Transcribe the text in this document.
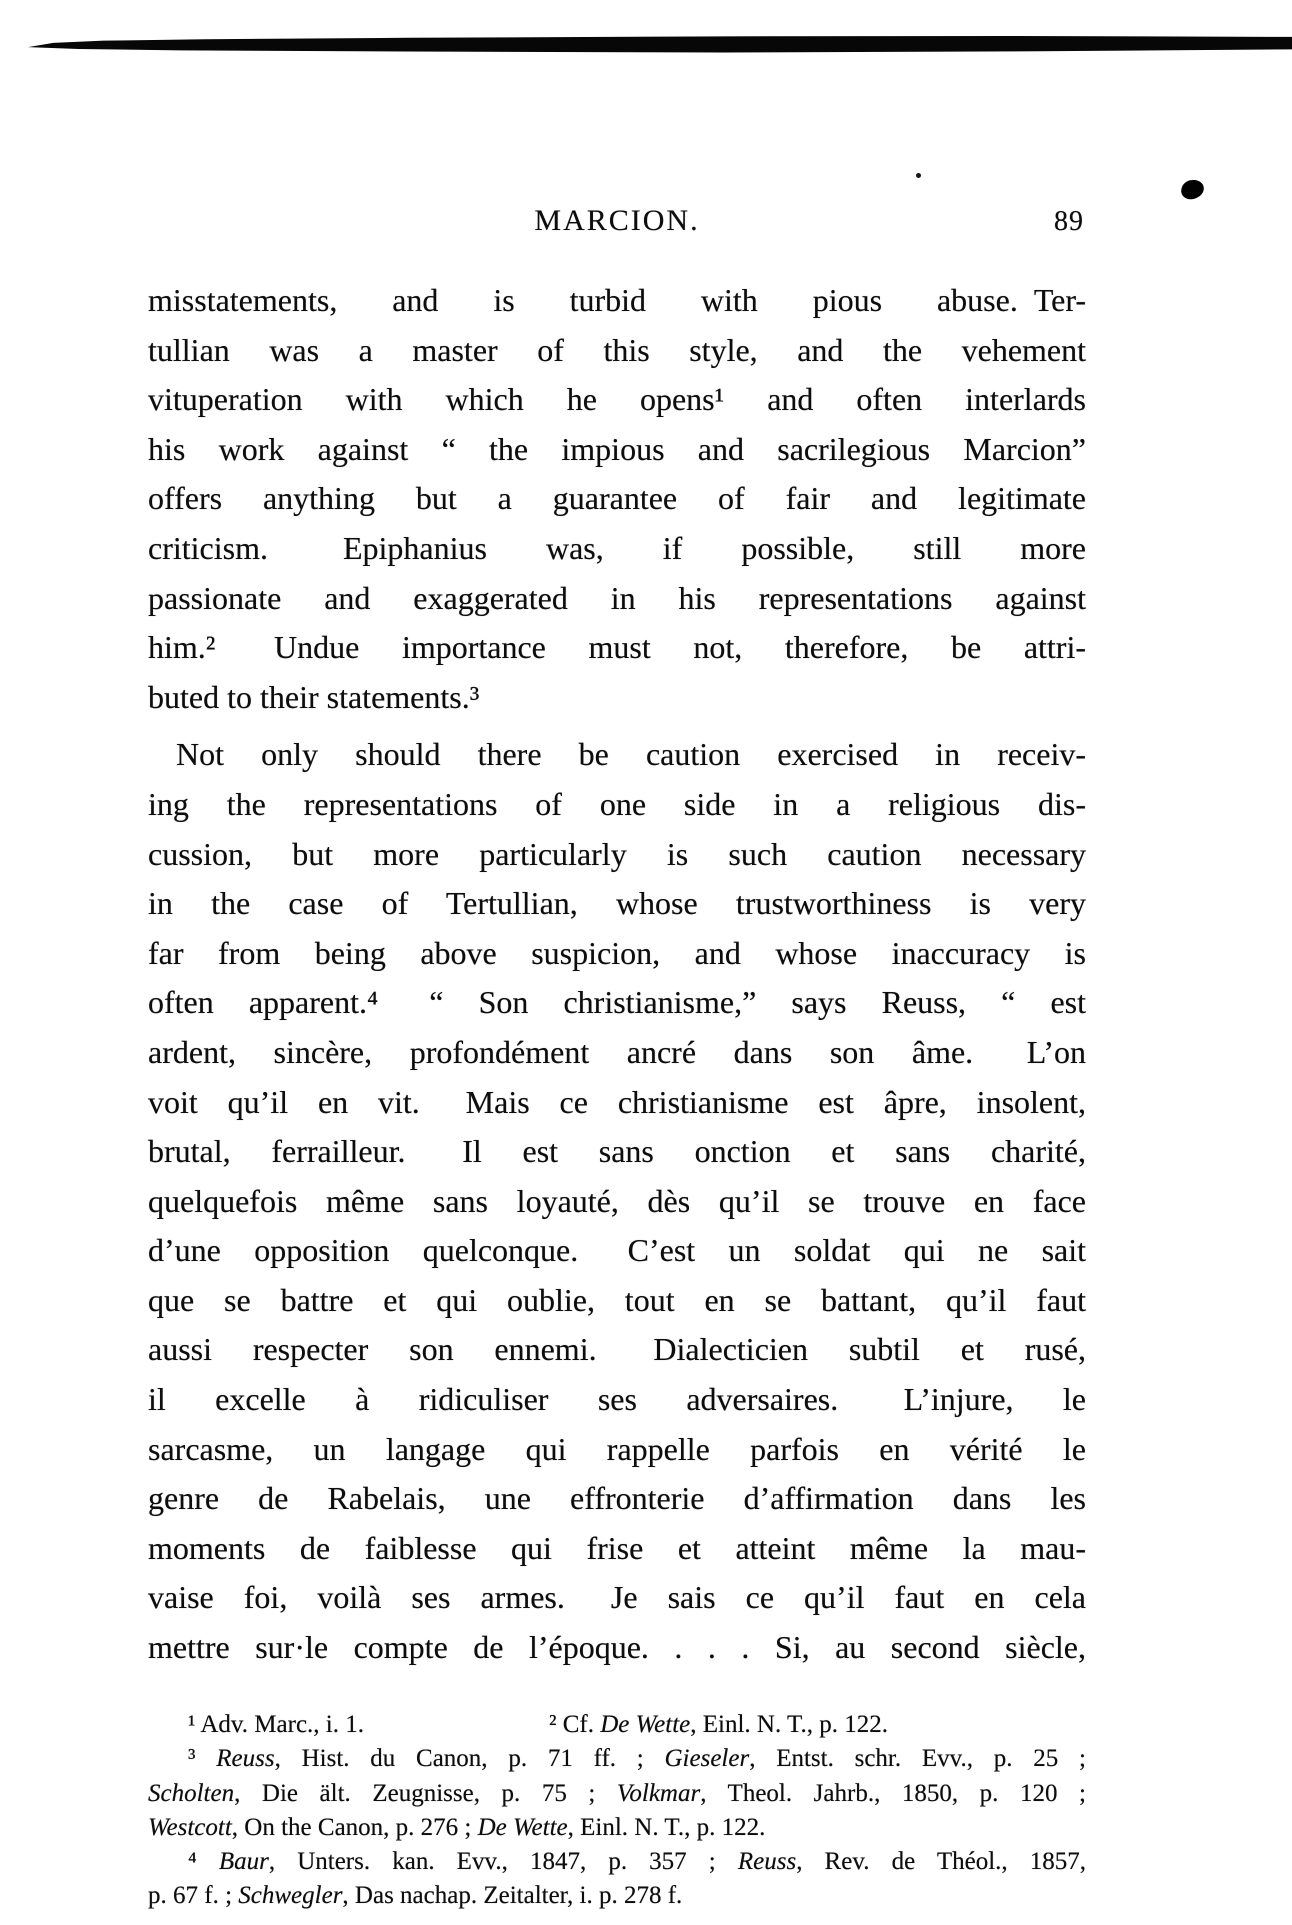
MARCION.	89
misstatements, and is turbid with pious abuse. Ter-
tullian was a master of this style, and the vehement
vituperation with which he opens¹ and often interlards
his work against “ the impious and sacrilegious Marcion”
offers anything but a guarantee of fair and legitimate
criticism.  Epiphanius was, if possible, still more
passionate and exaggerated in his representations against
him.²  Undue importance must not, therefore, be attri-
buted to their statements.³
Not only should there be caution exercised in receiv-
ing the representations of one side in a religious dis-
cussion, but more particularly is such caution necessary
in the case of Tertullian, whose trustworthiness is very
far from being above suspicion, and whose inaccuracy is
often apparent.⁴  “ Son christianisme,” says Reuss, “ est
ardent, sincère, profondément ancré dans son âme.  L’on
voit qu’il en vit.  Mais ce christianisme est âpre, insolent,
brutal, ferrailleur.  Il est sans onction et sans charité,
quelquefois même sans loyauté, dès qu’il se trouve en face
d’une opposition quelconque.  C’est un soldat qui ne sait
que se battre et qui oublie, tout en se battant, qu’il faut
aussi respecter son ennemi.  Dialecticien subtil et rusé,
il excelle à ridiculiser ses adversaires.  L’injure, le
sarcasme, un langage qui rappelle parfois en vérité le
genre de Rabelais, une effronterie d’affirmation dans les
moments de faiblesse qui frise et atteint même la mau-
vaise foi, voilà ses armes.  Je sais ce qu’il faut en cela
mettre sur·le compte de l’époque. . . . Si, au second siècle,
¹ Adv. Marc., i. 1.	² Cf. De Wette, Einl. N. T., p. 122.
³ Reuss, Hist. du Canon, p. 71 ff. ; Gieseler, Entst. schr. Evv., p. 25 ;
Scholten, Die ält. Zeugnisse, p. 75 ; Volkmar, Theol. Jahrb., 1850, p. 120 ;
Westcott, On the Canon, p. 276 ; De Wette, Einl. N. T., p. 122.
⁴ Baur, Unters. kan. Evv., 1847, p. 357 ; Reuss, Rev. de Théol., 1857,
p. 67 f. ; Schwegler, Das nachap. Zeitalter, i. p. 278 f.
